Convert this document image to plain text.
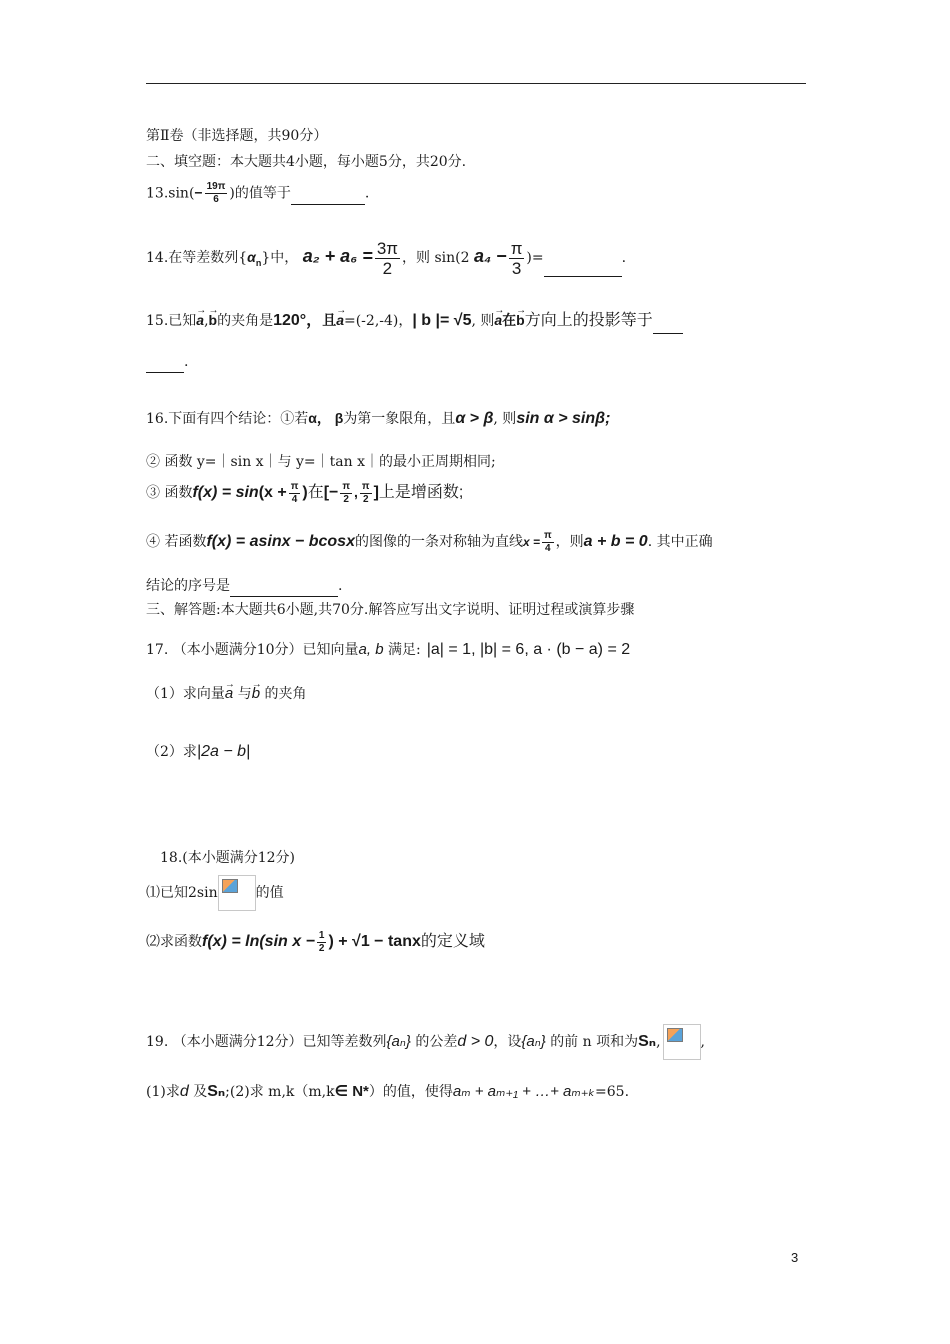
第Ⅱ卷（非选择题，共90分）
二、填空题：本大题共4小题，每小题5分，共20分.
$13.\sin(- \frac{19\pi}{6}$ )的值等于	.
14.在等差数列$\{\alpha_n\}$中， $a_2 + a_6 = \frac{3\pi}{2}$ ，则 sin(2 $a_4 - \frac{\pi}{3}$ )=	.
15.已知→ a,→ b的夹角是120°，且→ a=(-2,-4)，| b |= √5, 则→ a在→ b方向上的投影等于
.
16.下面有四个结论：①若α， β为第一象限角，且α > β, 则sin α > sinβ;
② 函数 y=｜sin x｜与 y=｜tan x｜的最小正周期相同;
③ 函数$f(x) = \sin(x + \frac{\pi}{4}$ )在[− $\frac{\pi}{2}$ , $\frac{\pi}{2}$ ]上是增函数;
④ 若函数f(x) = asinx − bcosx的图像的一条对称轴为直线$x = \frac{\pi}{4}$ ，则a + b = 0. 其中正确
结论的序号是	.
三、解答题:本大题共6小题,共70分.解答应写出文字说明、证明过程或演算步骤
17. （本小题满分10分）已知向量a, b 满足: |a| = 1, |b| = 6, a · (b − a) = 2
（1）求向量→ a 与→ b 的夹角
（2）求|2a − b|
18.(本小题满分12分)
⑴已知2sin	的值
⑵求函数f(x) = ln(sin $x - \frac{1}{2}$ ) + √1 − tanx的定义域
19. （本小题满分12分）已知等差数列{aₙ} 的公差d > 0，设{aₙ} 的前 n 项和为Sₙ,	,
(1)求d 及Sₙ;(2)求 m,k（m,k∈ N*）的值，使得aₘ + aₘ₊₁ + …+ aₘ₊ₖ=65.
3
